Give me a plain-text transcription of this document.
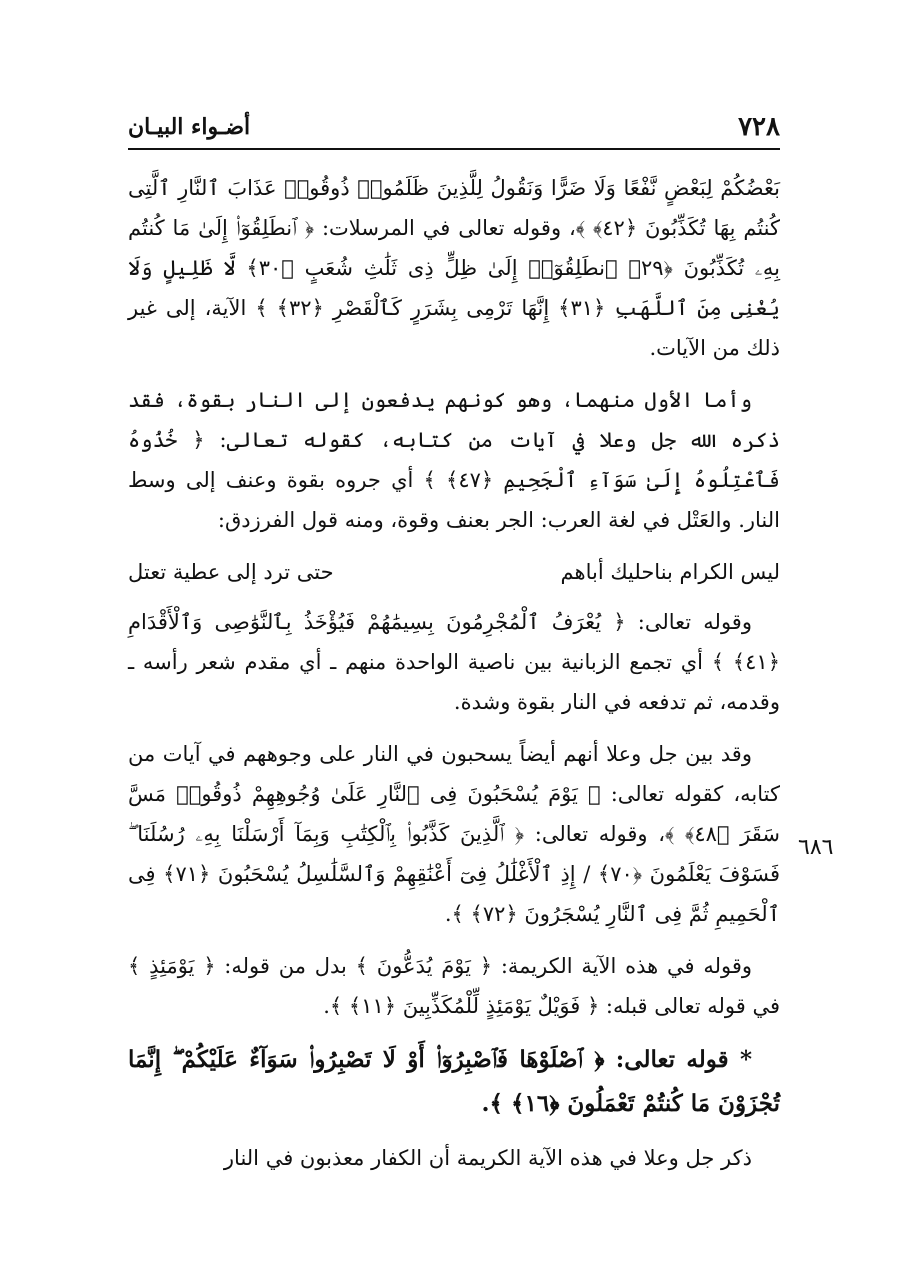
٧٢٨
أضـواء البيـان
٦٨٦

بَعْضُكُمْ لِبَعْضٍ نَّفْعًا وَلَا ضَرًّا وَنَقُولُ لِلَّذِينَ ظَلَمُوا۟ ذُوقُوا۟ عَذَابَ ٱلنَّارِ ٱلَّتِى كُنتُم بِهَا تُكَذِّبُونَ ﴿٤٢﴾ ﴾، وقوله تعالى في المرسلات: ﴿ ٱنطَلِقُوٓا۟ إِلَىٰ مَا كُنتُم بِهِۦ تُكَذِّبُونَ ﴿٢٩﴾ ٱنطَلِقُوٓا۟ إِلَىٰ ظِلٍّ ذِى ثَلَٰثِ شُعَبٍ ﴿٣٠﴾ لَّا ظَلِيلٍ وَلَا يُغْنِى مِنَ ٱللَّهَبِ ﴿٣١﴾ إِنَّهَا تَرْمِى بِشَرَرٍ كَٱلْقَصْرِ ﴿٣٢﴾ ﴾ الآية، إلى غير ذلك من الآيات.

وأما الأول منهما، وهو كونهم يدفعون إلى النار بقوة، فقد ذكره الله جل وعلا في آيات من كتابه، كقوله تعالى: ﴿ خُذُوهُ فَٱعْتِلُوهُ إِلَىٰ سَوَآءِ ٱلْجَحِيمِ ﴿٤٧﴾ ﴾ أي جروه بقوة وعنف إلى وسط النار. والعَتْل في لغة العرب: الجر بعنف وقوة، ومنه قول الفرزدق:

ليس الكرام بناحليك أباهم
حتى ترد إلى عطية تعتل

وقوله تعالى: ﴿ يُعْرَفُ ٱلْمُجْرِمُونَ بِسِيمَٰهُمْ فَيُؤْخَذُ بِٱلنَّوَٰصِى وَٱلْأَقْدَامِ ﴿٤١﴾ ﴾ أي تجمع الزبانية بين ناصية الواحدة منهم ـ أي مقدم شعر رأسه ـ وقدمه، ثم تدفعه في النار بقوة وشدة.

وقد بين جل وعلا أنهم أيضاً يسحبون في النار على وجوههم في آيات من كتابه، كقوله تعالى: ﴿ يَوْمَ يُسْحَبُونَ فِى ٱلنَّارِ عَلَىٰ وُجُوهِهِمْ ذُوقُوا۟ مَسَّ سَقَرَ ﴿٤٨﴾ ﴾، وقوله تعالى: ﴿ ٱلَّذِينَ كَذَّبُوا۟ بِٱلْكِتَٰبِ وَبِمَآ أَرْسَلْنَا بِهِۦ رُسُلَنَا ۖ فَسَوْفَ يَعْلَمُونَ ﴿٧٠﴾ / إِذِ ٱلْأَغْلَٰلُ فِىٓ أَعْنَٰقِهِمْ وَٱلسَّلَٰسِلُ يُسْحَبُونَ ﴿٧١﴾ فِى ٱلْحَمِيمِ ثُمَّ فِى ٱلنَّارِ يُسْجَرُونَ ﴿٧٢﴾ ﴾.

وقوله في هذه الآية الكريمة: ﴿ يَوْمَ يُدَعُّونَ ﴾ بدل من قوله: ﴿ يَوْمَئِذٍ ﴾ في قوله تعالى قبله: ﴿ فَوَيْلٌ يَوْمَئِذٍ لِّلْمُكَذِّبِينَ ﴿١١﴾ ﴾.

* قوله تعالى: ﴿ ٱصْلَوْهَا فَٱصْبِرُوٓا۟ أَوْ لَا تَصْبِرُوا۟ سَوَآءٌ عَلَيْكُمْ ۖ إِنَّمَا تُجْزَوْنَ مَا كُنتُمْ تَعْمَلُونَ ﴿١٦﴾ ﴾.

ذكر جل وعلا في هذه الآية الكريمة أن الكفار معذبون في النار
